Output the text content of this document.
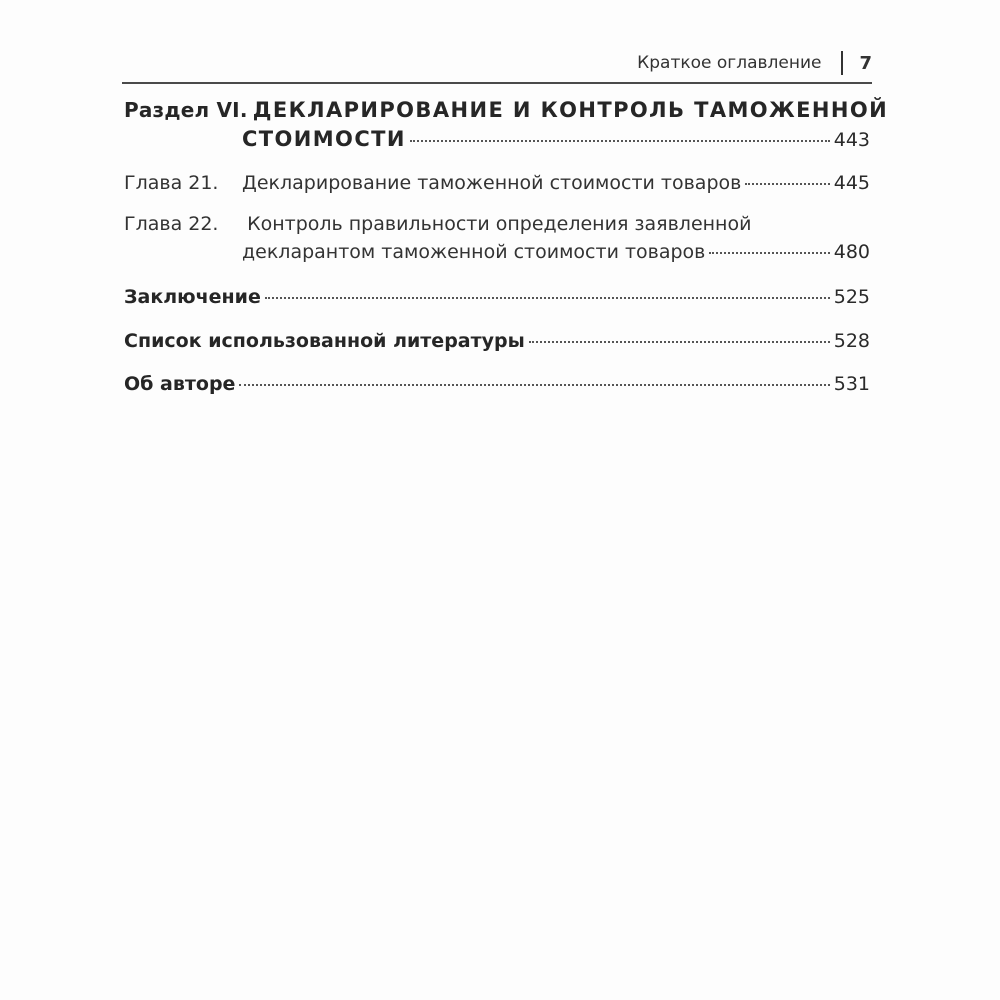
Краткое оглавление 7
Раздел VI. ДЕКЛАРИРОВАНИЕ И КОНТРОЛЬ ТАМОЖЕННОЙ
СТОИМОСТИ	443
Глава 21.	Декларирование таможенной стоимости товаров	445
Глава 22. Контроль правильности определения заявленной
декларантом таможенной стоимости товаров	480
Заключение	525
Список использованной литературы	528
Об авторе	531
